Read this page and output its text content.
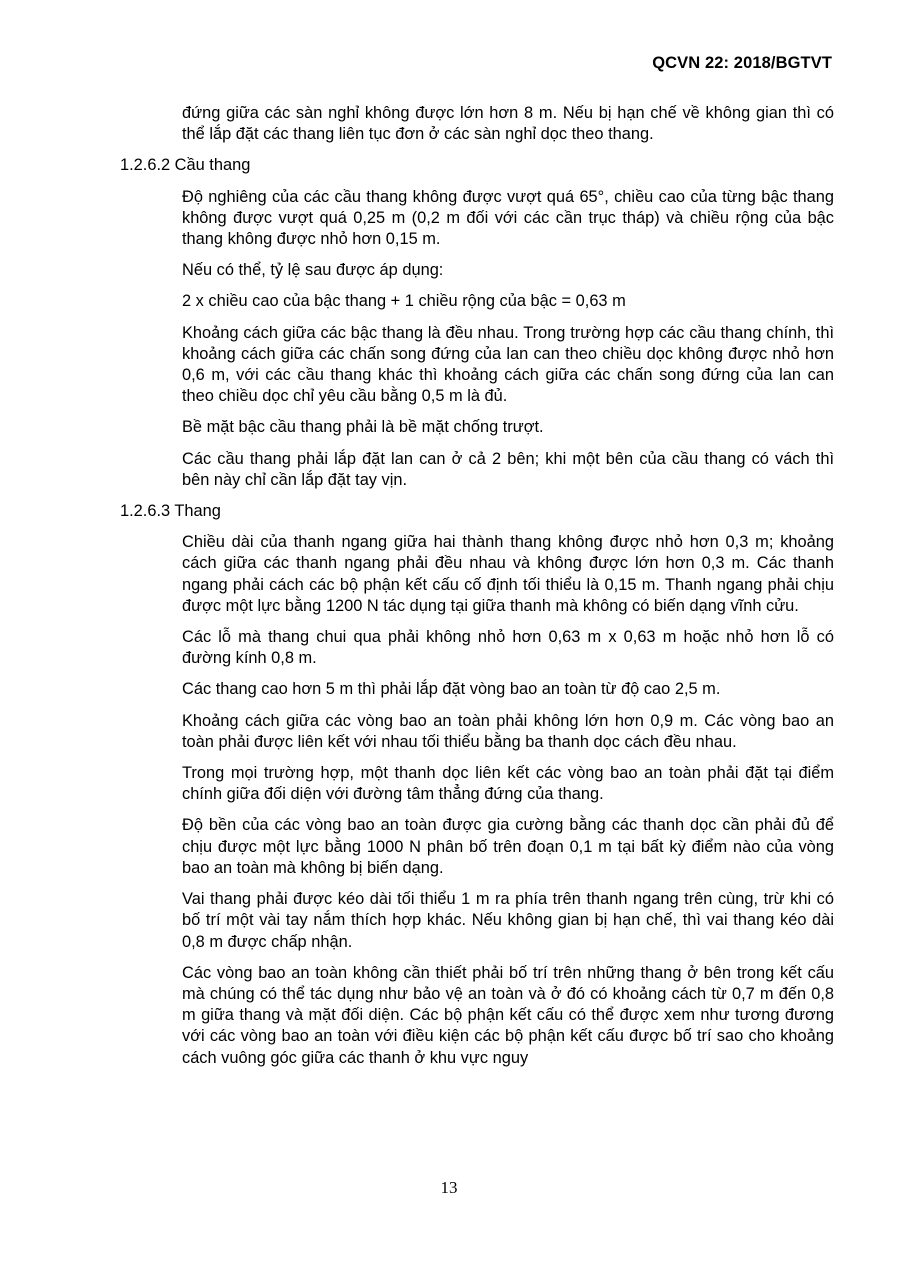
QCVN 22: 2018/BGTVT

đứng giữa các sàn nghỉ không được lớn hơn 8 m. Nếu bị hạn chế về không gian thì có thể lắp đặt các thang liên tục đơn ở các sàn nghỉ dọc theo thang.

1.2.6.2 Cầu thang

Độ nghiêng của các cầu thang không được vượt quá 65°, chiều cao của từng bậc thang không được vượt quá 0,25 m (0,2 m đối với các cần trục tháp) và chiều rộng của bậc thang không được nhỏ hơn 0,15 m.

Nếu có thể, tỷ lệ sau được áp dụng:

2 x chiều cao của bậc thang + 1 chiều rộng của bậc = 0,63 m

Khoảng cách giữa các bậc thang là đều nhau. Trong trường hợp các cầu thang chính, thì khoảng cách giữa các chấn song đứng của lan can theo chiều dọc không được nhỏ hơn 0,6 m, với các cầu thang khác thì khoảng cách giữa các chấn song đứng của lan can theo chiều dọc chỉ yêu cầu bằng 0,5 m là đủ.

Bề mặt bậc cầu thang phải là bề mặt chống trượt.

Các cầu thang phải lắp đặt lan can ở cả 2 bên; khi một bên của cầu thang có vách thì bên này chỉ cần lắp đặt tay vịn.

1.2.6.3 Thang

Chiều dài của thanh ngang giữa hai thành thang không được nhỏ hơn 0,3 m; khoảng cách giữa các thanh ngang phải đều nhau và không được lớn hơn 0,3 m. Các thanh ngang phải cách các bộ phận kết cấu cố định tối thiểu là 0,15 m. Thanh ngang phải chịu được một lực bằng 1200 N tác dụng tại giữa thanh mà không có biến dạng vĩnh cửu.

Các lỗ mà thang chui qua phải không nhỏ hơn 0,63 m x 0,63 m hoặc nhỏ hơn lỗ có đường kính 0,8 m.

Các thang cao hơn 5 m thì phải lắp đặt vòng bao an toàn từ độ cao 2,5 m.

Khoảng cách giữa các vòng bao an toàn phải không lớn hơn 0,9 m. Các vòng bao an toàn phải được liên kết với nhau tối thiểu bằng ba thanh dọc cách đều nhau.

Trong mọi trường hợp, một thanh dọc liên kết các vòng bao an toàn phải đặt tại điểm chính giữa đối diện với đường tâm thẳng đứng của thang.

Độ bền của các vòng bao an toàn được gia cường bằng các thanh dọc cần phải đủ để chịu được một lực bằng 1000 N phân bố trên đoạn 0,1 m tại bất kỳ điểm nào của vòng bao an toàn mà không bị biến dạng.

Vai thang phải được kéo dài tối thiểu 1 m ra phía trên thanh ngang trên cùng, trừ khi có bố trí một vài tay nắm thích hợp khác. Nếu không gian bị hạn chế, thì vai thang kéo dài 0,8 m được chấp nhận.

Các vòng bao an toàn không cần thiết phải bố trí trên những thang ở bên trong kết cấu mà chúng có thể tác dụng như bảo vệ an toàn và ở đó có khoảng cách từ 0,7 m đến 0,8 m giữa thang và mặt đối diện. Các bộ phận kết cấu có thể được xem như tương đương với các vòng bao an toàn với điều kiện các bộ phận kết cấu được bố trí sao cho khoảng cách vuông góc giữa các thanh ở khu vực nguy

13
